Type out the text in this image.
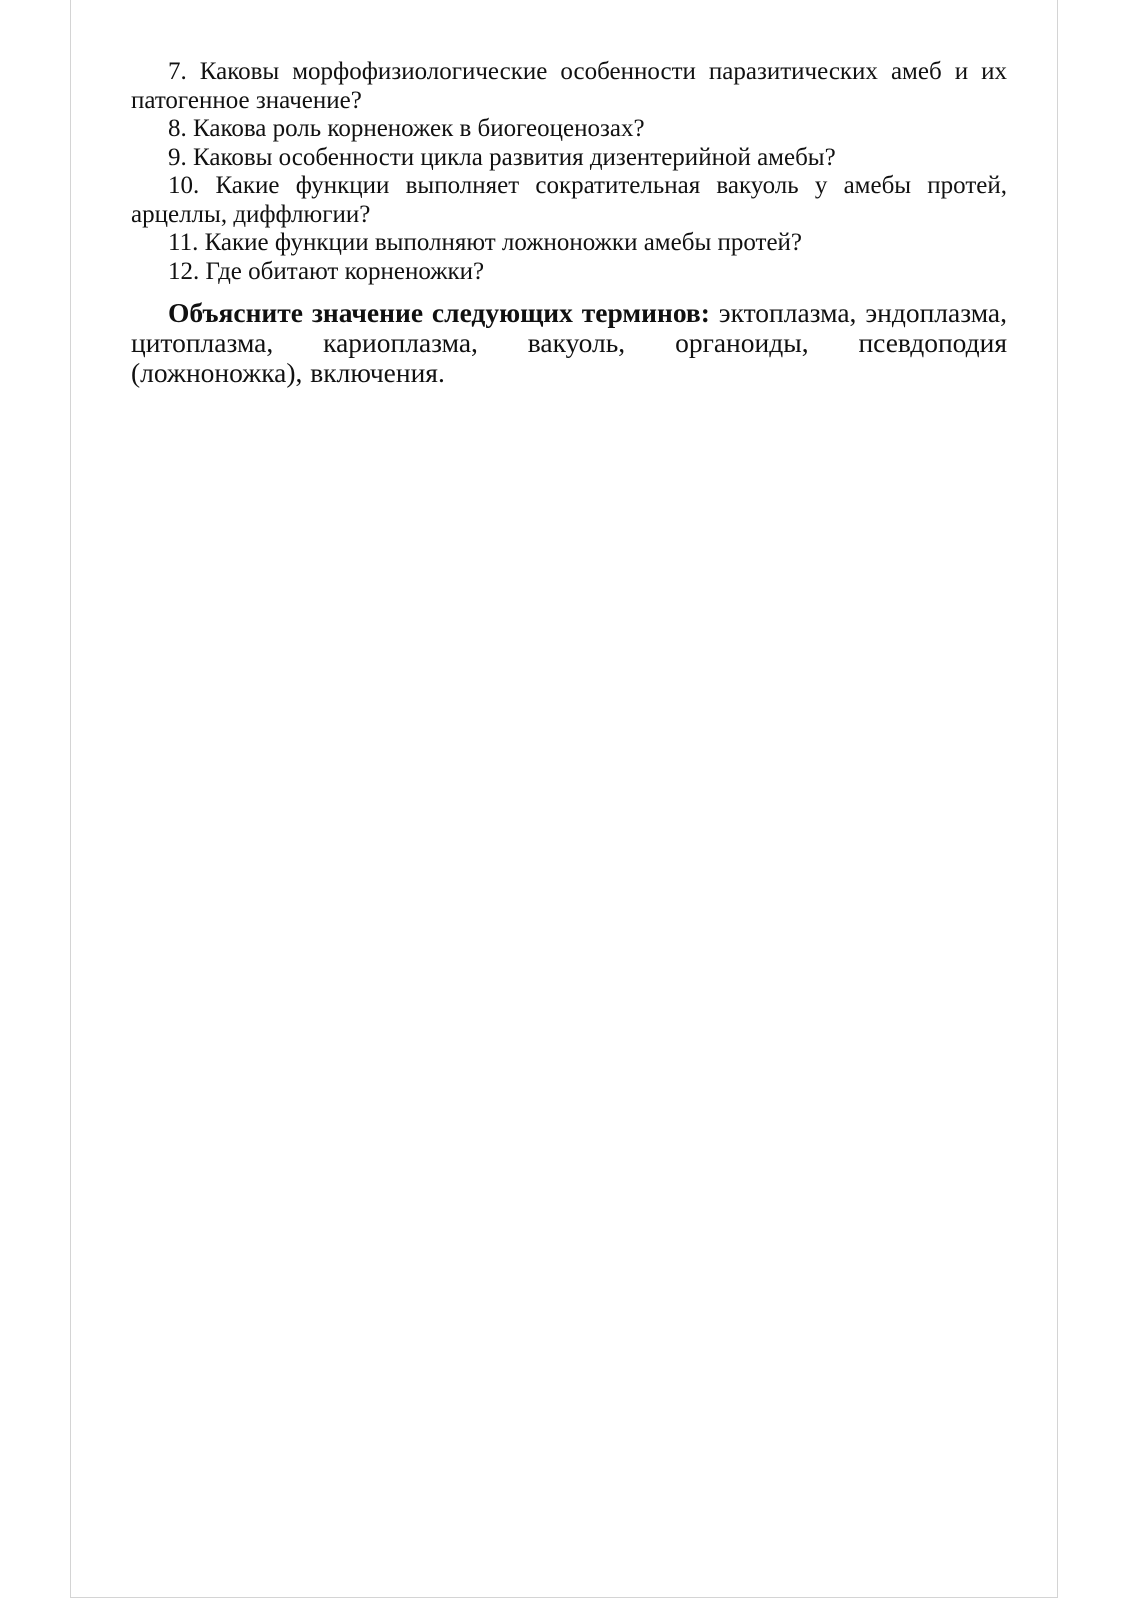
7. Каковы морфофизиологические особенности паразитических амеб и их патогенное значение?
8. Какова роль корненожек в биогеоценозах?
9. Каковы особенности цикла развития дизентерийной амебы?
10. Какие функции выполняет сократительная вакуоль у амебы протей, арцеллы, диффлюгии?
11. Какие функции выполняют ложноножки амебы протей?
12. Где обитают корненожки?

Объясните значение следующих терминов: эктоплазма, эндоплазма, цитоплазма, кариоплазма, вакуоль, органоиды, псевдоподия (ложноножка), включения.
